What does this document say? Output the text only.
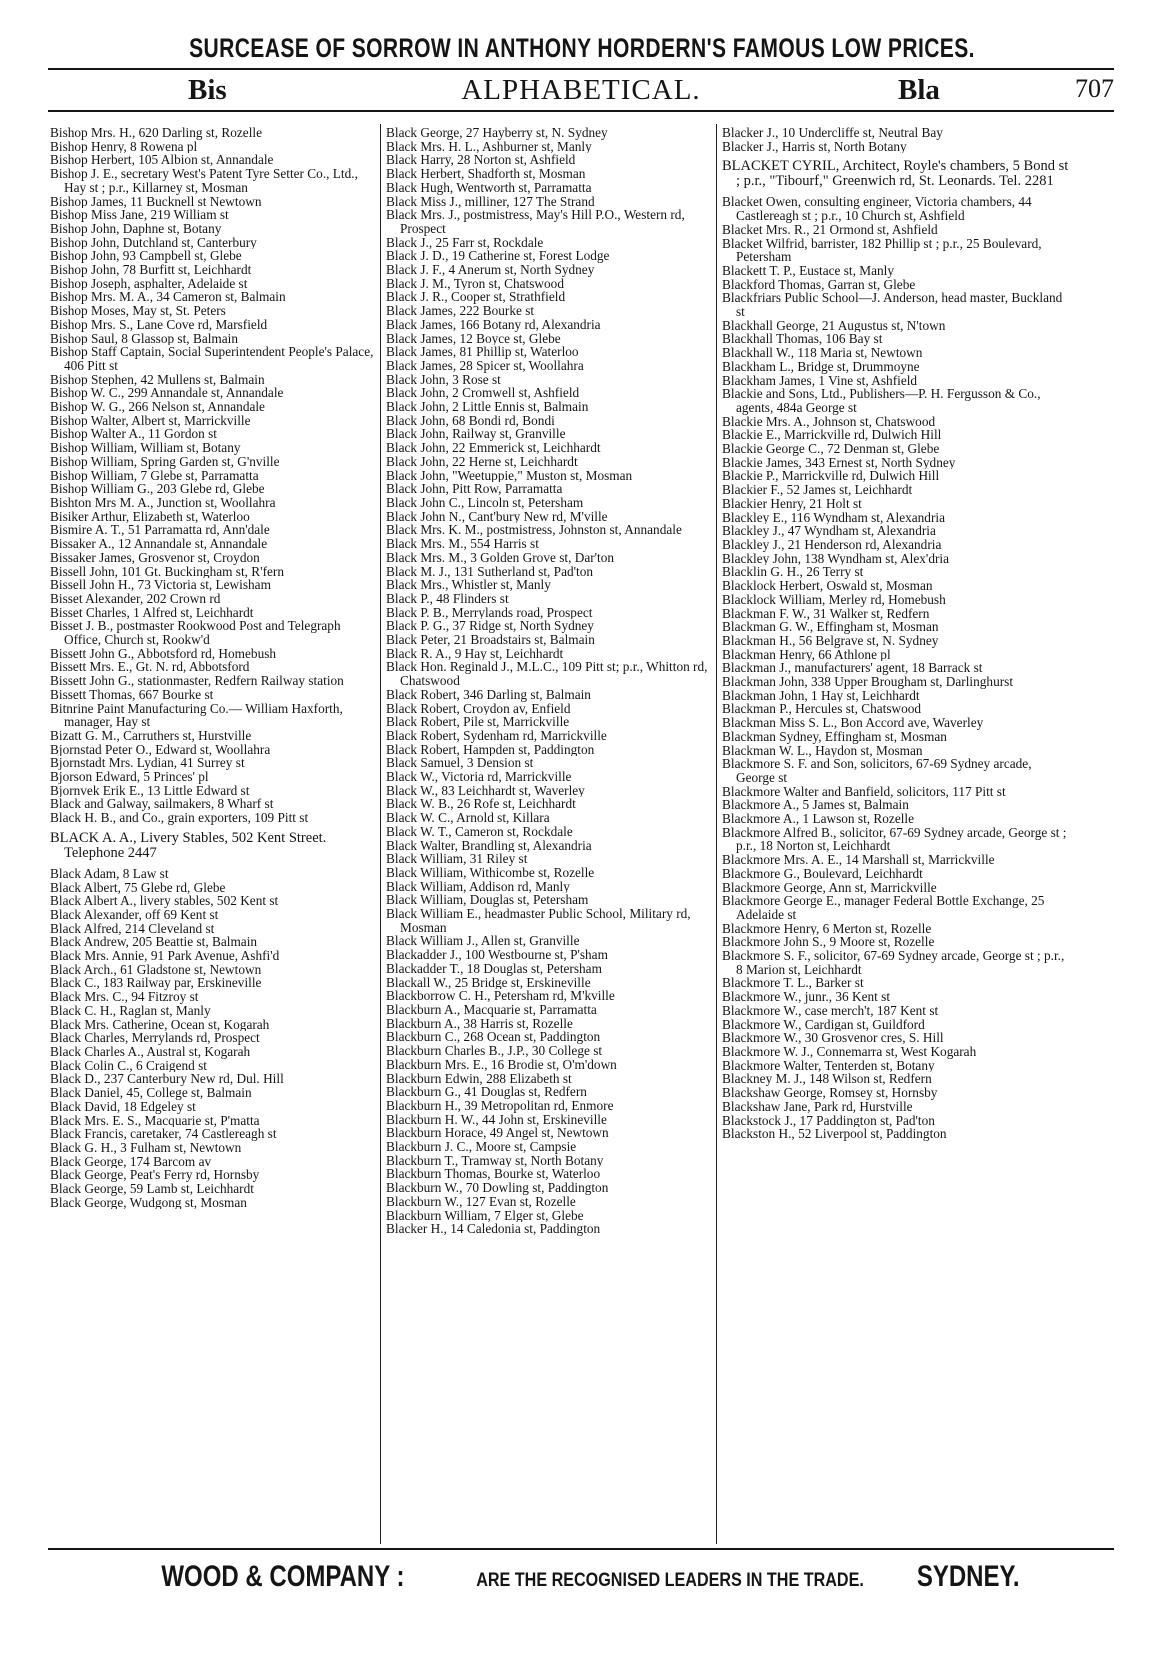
SURCEASE OF SORROW IN ANTHONY HORDERN'S FAMOUS LOW PRICES.
Bis	ALPHABETICAL.	Bla	707

Bishop Mrs. H., 620 Darling st, Rozelle

Bishop Henry, 8 Rowena pl

Bishop Herbert, 105 Albion st, Annandale

Bishop J. E., secretary West's Patent Tyre Setter Co., Ltd., Hay st ; p.r., Killarney st, Mosman

Bishop James, 11 Bucknell st Newtown

Bishop Miss Jane, 219 William st

Bishop John, Daphne st, Botany

Bishop John, Dutchland st, Canterbury

Bishop John, 93 Campbell st, Glebe

Bishop John, 78 Burfitt st, Leichhardt

Bishop Joseph, asphalter, Adelaide st

Bishop Mrs. M. A., 34 Cameron st, Balmain

Bishop Moses, May st, St. Peters

Bishop Mrs. S., Lane Cove rd, Marsfield

Bishop Saul, 8 Glassop st, Balmain

Bishop Staff Captain, Social Superintendent People's Palace, 406 Pitt st

Bishop Stephen, 42 Mullens st, Balmain

Bishop W. C., 299 Annandale st, Annandale

Bishop W. G., 266 Nelson st, Annandale

Bishop Walter, Albert st, Marrickville

Bishop Walter A., 11 Gordon st

Bishop William, William st, Botany

Bishop William, Spring Garden st, G'nville

Bishop William, 7 Glebe st, Parramatta

Bishop William G., 203 Glebe rd, Glebe

Bishton Mrs M. A., Junction st, Woollahra

Bisiker Arthur, Elizabeth st, Waterloo

Bismire A. T., 51 Parramatta rd, Ann'dale

Bissaker A., 12 Annandale st, Annandale

Bissaker James, Grosvenor st, Croydon

Bissell John, 101 Gt. Buckingham st, R'fern

Bissell John H., 73 Victoria st, Lewisham

Bisset Alexander, 202 Crown rd

Bisset Charles, 1 Alfred st, Leichhardt

Bisset J. B., postmaster Rookwood Post and Telegraph Office, Church st, Rookw'd

Bissett John G., Abbotsford rd, Homebush

Bissett Mrs. E., Gt. N. rd, Abbotsford

Bissett John G., stationmaster, Redfern Railway station

Bissett Thomas, 667 Bourke st

Bitnrine Paint Manufacturing Co.— William Haxforth, manager, Hay st

Bizatt G. M., Carruthers st, Hurstville

Bjornstad Peter O., Edward st, Woollahra

Bjornstadt Mrs. Lydian, 41 Surrey st

Bjorson Edward, 5 Princes' pl

Bjornvek Erik E., 13 Little Edward st

Black and Galway, sailmakers, 8 Wharf st

Black H. B., and Co., grain exporters, 109 Pitt st

BLACK A. A., Livery Stables, 502 Kent Street. Telephone 2447

Black Adam, 8 Law st

Black Albert, 75 Glebe rd, Glebe

Black Albert A., livery stables, 502 Kent st

Black Alexander, off 69 Kent st

Black Alfred, 214 Cleveland st

Black Andrew, 205 Beattie st, Balmain

Black Mrs. Annie, 91 Park Avenue, Ashfi'd

Black Arch., 61 Gladstone st, Newtown

Black C., 183 Railway par, Erskineville

Black Mrs. C., 94 Fitzroy st

Black C. H., Raglan st, Manly

Black Mrs. Catherine, Ocean st, Kogarah

Black Charles, Merrylands rd, Prospect

Black Charles A., Austral st, Kogarah

Black Colin C., 6 Craigend st

Black D., 237 Canterbury New rd, Dul. Hill

Black Daniel, 45, College st, Balmain

Black David, 18 Edgeley st

Black Mrs. E. S., Macquarie st, P'matta

Black Francis, caretaker, 74 Castlereagh st

Black G. H., 3 Fulham st, Newtown

Black George, 174 Barcom av

Black George, Peat's Ferry rd, Hornsby

Black George, 59 Lamb st, Leichhardt

Black George, Wudgong st, Mosman

Black George, 27 Hayberry st, N. Sydney

Black Mrs. H. L., Ashburner st, Manly

Black Harry, 28 Norton st, Ashfield

Black Herbert, Shadforth st, Mosman

Black Hugh, Wentworth st, Parramatta

Black Miss J., milliner, 127 The Strand

Black Mrs. J., postmistress, May's Hill P.O., Western rd, Prospect

Black J., 25 Farr st, Rockdale

Black J. D., 19 Catherine st, Forest Lodge

Black J. F., 4 Anerum st, North Sydney

Black J. M., Tyron st, Chatswood

Black J. R., Cooper st, Strathfield

Black James, 222 Bourke st

Black James, 166 Botany rd, Alexandria

Black James, 12 Boyce st, Glebe

Black James, 81 Phillip st, Waterloo

Black James, 28 Spicer st, Woollahra

Black John, 3 Rose st

Black John, 2 Cromwell st, Ashfield

Black John, 2 Little Ennis st, Balmain

Black John, 68 Bondi rd, Bondi

Black John, Railway st, Granville

Black John, 22 Emmerick st, Leichhardt

Black John, 22 Herne st, Leichhardt

Black John, "Weetuppie," Muston st, Mosman

Black John, Pitt Row, Parramatta

Black John C., Lincoln st, Petersham

Black John N., Cant'bury New rd, M'ville

Black Mrs. K. M., postmistress, Johnston st, Annandale

Black Mrs. M., 554 Harris st

Black Mrs. M., 3 Golden Grove st, Dar'ton

Black M. J., 131 Sutherland st, Pad'ton

Black Mrs., Whistler st, Manly

Black P., 48 Flinders st

Black P. B., Merrylands road, Prospect

Black P. G., 37 Ridge st, North Sydney

Black Peter, 21 Broadstairs st, Balmain

Black R. A., 9 Hay st, Leichhardt

Black Hon. Reginald J., M.L.C., 109 Pitt st; p.r., Whitton rd, Chatswood

Black Robert, 346 Darling st, Balmain

Black Robert, Croydon av, Enfield

Black Robert, Pile st, Marrickville

Black Robert, Sydenham rd, Marrickville

Black Robert, Hampden st, Paddington

Black Samuel, 3 Dension st

Black W., Victoria rd, Marrickville

Black W., 83 Leichhardt st, Waverley

Black W. B., 26 Rofe st, Leichhardt

Black W. C., Arnold st, Killara

Black W. T., Cameron st, Rockdale

Black Walter, Brandling st, Alexandria

Black William, 31 Riley st

Black William, Withicombe st, Rozelle

Black William, Addison rd, Manly

Black William, Douglas st, Petersham

Black William E., headmaster Public School, Military rd, Mosman

Black William J., Allen st, Granville

Blackadder J., 100 Westbourne st, P'sham

Blackadder T., 18 Douglas st, Petersham

Blackall W., 25 Bridge st, Erskineville

Blackborrow C. H., Petersham rd, M'kville

Blackburn A., Macquarie st, Parramatta

Blackburn A., 38 Harris st, Rozelle

Blackburn C., 268 Ocean st, Paddington

Blackburn Charles B., J.P., 30 College st

Blackburn Mrs. E., 16 Brodie st, O'm'down

Blackburn Edwin, 288 Elizabeth st

Blackburn G., 41 Douglas st, Redfern

Blackburn H., 39 Metropolitan rd, Enmore

Blackburn H. W., 44 John st, Erskineville

Blackburn Horace, 49 Angel st, Newtown

Blackburn J. C., Moore st, Campsie

Blackburn T., Tramway st, North Botany

Blackburn Thomas, Bourke st, Waterloo

Blackburn W., 70 Dowling st, Paddington

Blackburn W., 127 Evan st, Rozelle

Blackburn William, 7 Elger st, Glebe

Blacker H., 14 Caledonia st, Paddington

Blacker J., 10 Undercliffe st, Neutral Bay

Blacker J., Harris st, North Botany

BLACKET CYRIL, Architect, Royle's chambers, 5 Bond st ; p.r., "Tibourf," Greenwich rd, St. Leonards. Tel. 2281

Blacket Owen, consulting engineer, Victoria chambers, 44 Castlereagh st ; p.r., 10 Church st, Ashfield

Blacket Mrs. R., 21 Ormond st, Ashfield

Blacket Wilfrid, barrister, 182 Phillip st ; p.r., 25 Boulevard, Petersham

Blackett T. P., Eustace st, Manly

Blackford Thomas, Garran st, Glebe

Blackfriars Public School—J. Anderson, head master, Buckland st

Blackhall George, 21 Augustus st, N'town

Blackhall Thomas, 106 Bay st

Blackhall W., 118 Maria st, Newtown

Blackham L., Bridge st, Drummoyne

Blackham James, 1 Vine st, Ashfield

Blackie and Sons, Ltd., Publishers—P. H. Fergusson & Co., agents, 484a George st

Blackie Mrs. A., Johnson st, Chatswood

Blackie E., Marrickville rd, Dulwich Hill

Blackie George C., 72 Denman st, Glebe

Blackie James, 343 Ernest st, North Sydney

Blackie P., Marrickville rd, Dulwich Hill

Blackier F., 52 James st, Leichhardt

Blackier Henry, 21 Holt st

Blackley E., 116 Wyndham st, Alexandria

Blackley J., 47 Wyndham st, Alexandria

Blackley J., 21 Henderson rd, Alexandria

Blackley John, 138 Wyndham st, Alex'dria

Blacklin G. H., 26 Terry st

Blacklock Herbert, Oswald st, Mosman

Blacklock William, Merley rd, Homebush

Blackman F. W., 31 Walker st, Redfern

Blackman G. W., Effingham st, Mosman

Blackman H., 56 Belgrave st, N. Sydney

Blackman Henry, 66 Athlone pl

Blackman J., manufacturers' agent, 18 Barrack st

Blackman John, 338 Upper Brougham st, Darlinghurst

Blackman John, 1 Hay st, Leichhardt

Blackman P., Hercules st, Chatswood

Blackman Miss S. L., Bon Accord ave, Waverley

Blackman Sydney, Effingham st, Mosman

Blackman W. L., Haydon st, Mosman

Blackmore S. F. and Son, solicitors, 67-69 Sydney arcade, George st

Blackmore Walter and Banfield, solicitors, 117 Pitt st

Blackmore A., 5 James st, Balmain

Blackmore A., 1 Lawson st, Rozelle

Blackmore Alfred B., solicitor, 67-69 Sydney arcade, George st ; p.r., 18 Norton st, Leichhardt

Blackmore Mrs. A. E., 14 Marshall st, Marrickville

Blackmore G., Boulevard, Leichhardt

Blackmore George, Ann st, Marrickville

Blackmore George E., manager Federal Bottle Exchange, 25 Adelaide st

Blackmore Henry, 6 Merton st, Rozelle

Blackmore John S., 9 Moore st, Rozelle

Blackmore S. F., solicitor, 67-69 Sydney arcade, George st ; p.r., 8 Marion st, Leichhardt

Blackmore T. L., Barker st

Blackmore W., junr., 36 Kent st

Blackmore W., case merch't, 187 Kent st

Blackmore W., Cardigan st, Guildford

Blackmore W., 30 Grosvenor cres, S. Hill

Blackmore W. J., Connemarra st, West Kogarah

Blackmore Walter, Tenterden st, Botany

Blackney M. J., 148 Wilson st, Redfern

Blackshaw George, Romsey st, Hornsby

Blackshaw Jane, Park rd, Hurstville

Blackstock J., 17 Paddington st, Pad'ton

Blackston H., 52 Liverpool st, Paddington

WOOD & COMPANY :	ARE THE RECOGNISED LEADERS IN THE TRADE. SYDNEY.
